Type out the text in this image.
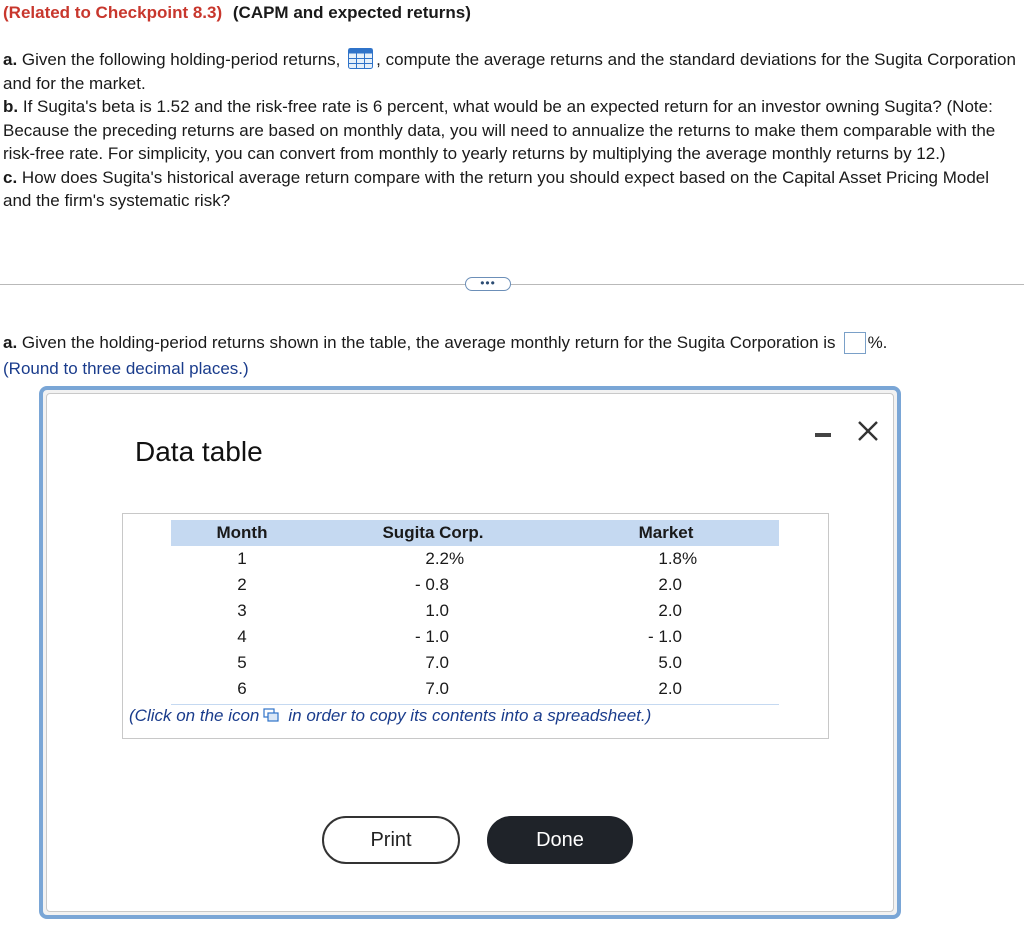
(Related to Checkpoint 8.3) (CAPM and expected returns)

a. Given the following holding-period returns, , compute the average returns and the standard deviations for the Sugita Corporation and for the market.

b. If Sugita's beta is 1.52 and the risk-free rate is 6 percent, what would be an expected return for an investor owning Sugita? (Note: Because the preceding returns are based on monthly data, you will need to annualize the returns to make them comparable with the risk-free rate. For simplicity, you can convert from monthly to yearly returns by multiplying the average monthly returns by 12.)

c. How does Sugita's historical average return compare with the return you should expect based on the Capital Asset Pricing Model and the firm's systematic risk?

•••
a. Given the holding-period returns shown in the table, the average monthly return for the Sugita Corporation is %.
(Round to three decimal places.)
Data table
Month	Sugita Corp.	Market
1	2.2%	1.8%
2	- 0.8	2.0
3	1.0	2.0
4	- 1.0	- 1.0
5	7.0	5.0
6	7.0	2.0
(Click on the icon in order to copy its contents into a spreadsheet.)
Print	Done
